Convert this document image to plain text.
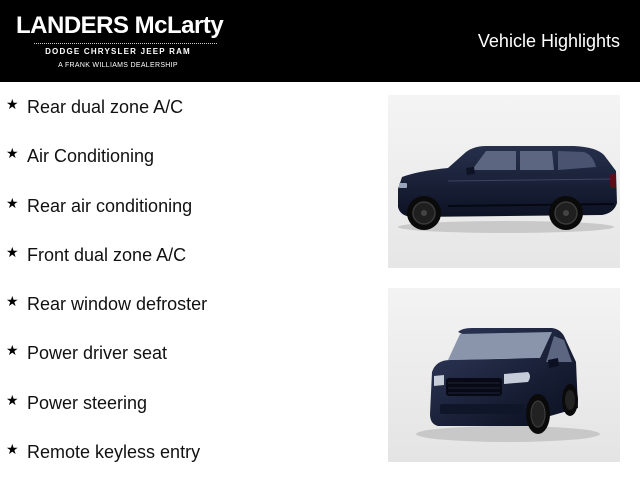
LANDERS McLarty
DODGE CHRYSLER JEEP RAM
A FRANK WILLIAMS DEALERSHIP
Vehicle Highlights
★ Rear dual zone A/C
★ Air Conditioning
★ Rear air conditioning
★ Front dual zone A/C
★ Rear window defroster
★ Power driver seat
★ Power steering
★ Remote keyless entry
